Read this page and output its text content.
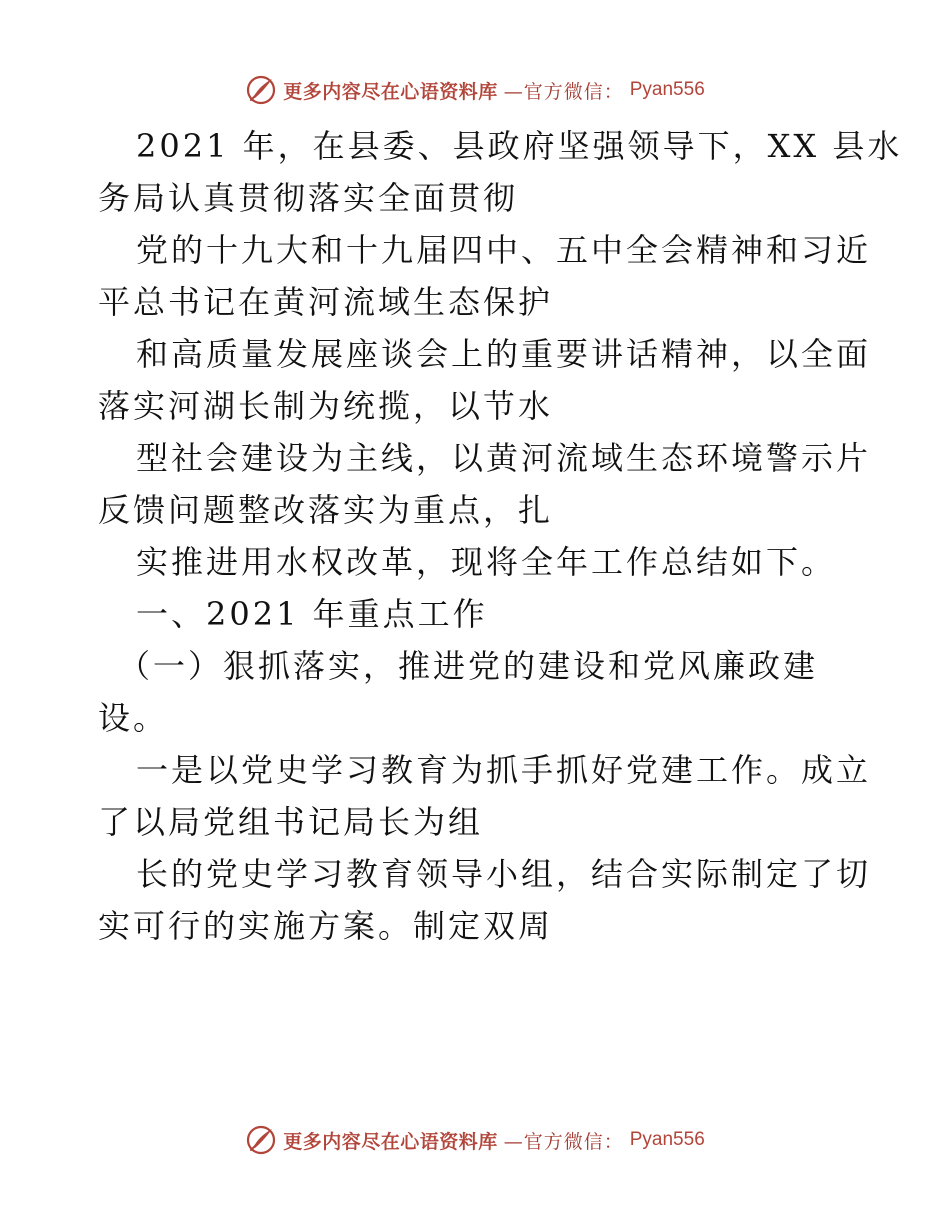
更多内容尽在心语资料库 —官方微信： Pyan556

2021 年，在县委、县政府坚强领导下，XX 县水

务局认真贯彻落实全面贯彻

党的十九大和十九届四中、五中全会精神和习近

平总书记在黄河流域生态保护

和高质量发展座谈会上的重要讲话精神，以全面

落实河湖长制为统揽，以节水

型社会建设为主线，以黄河流域生态环境警示片

反馈问题整改落实为重点，扎

实推进用水权改革，现将全年工作总结如下。

一、2021 年重点工作

（一）狠抓落实，推进党的建设和党风廉政建

设。

一是以党史学习教育为抓手抓好党建工作。成立

了以局党组书记局长为组

长的党史学习教育领导小组，结合实际制定了切

实可行的实施方案。制定双周

更多内容尽在心语资料库 —官方微信： Pyan556
